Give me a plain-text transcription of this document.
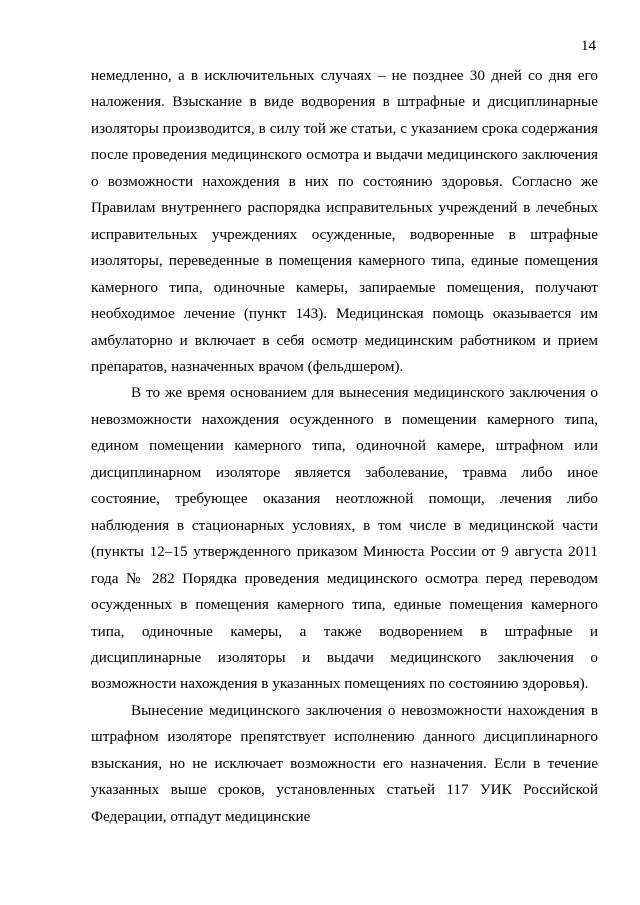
14

немедленно, а в исключительных случаях – не позднее 30 дней со дня его наложения. Взыскание в виде водворения в штрафные и дисциплинарные изоляторы производится, в силу той же статьи, с указанием срока содержания после проведения медицинского осмотра и выдачи медицинского заключения о возможности нахождения в них по состоянию здоровья. Согласно же Правилам внутреннего распорядка исправительных учреждений в лечебных исправительных учреждениях осужденные, водворенные в штрафные изоляторы, переведенные в помещения камерного типа, единые помещения камерного типа, одиночные камеры, запираемые помещения, получают необходимое лечение (пункт 143). Медицинская помощь оказывается им амбулаторно и включает в себя осмотр медицинским работником и прием препаратов, назначенных врачом (фельдшером).

В то же время основанием для вынесения медицинского заключения о невозможности нахождения осужденного в помещении камерного типа, едином помещении камерного типа, одиночной камере, штрафном или дисциплинарном изоляторе является заболевание, травма либо иное состояние, требующее оказания неотложной помощи, лечения либо наблюдения в стационарных условиях, в том числе в медицинской части (пункты 12–15 утвержденного приказом Минюста России от 9 августа 2011 года № 282 Порядка проведения медицинского осмотра перед переводом осужденных в помещения камерного типа, единые помещения камерного типа, одиночные камеры, а также водворением в штрафные и дисциплинарные изоляторы и выдачи медицинского заключения о возможности нахождения в указанных помещениях по состоянию здоровья).

Вынесение медицинского заключения о невозможности нахождения в штрафном изоляторе препятствует исполнению данного дисциплинарного взыскания, но не исключает возможности его назначения. Если в течение указанных выше сроков, установленных статьей 117 УИК Российской Федерации, отпадут медицинские
